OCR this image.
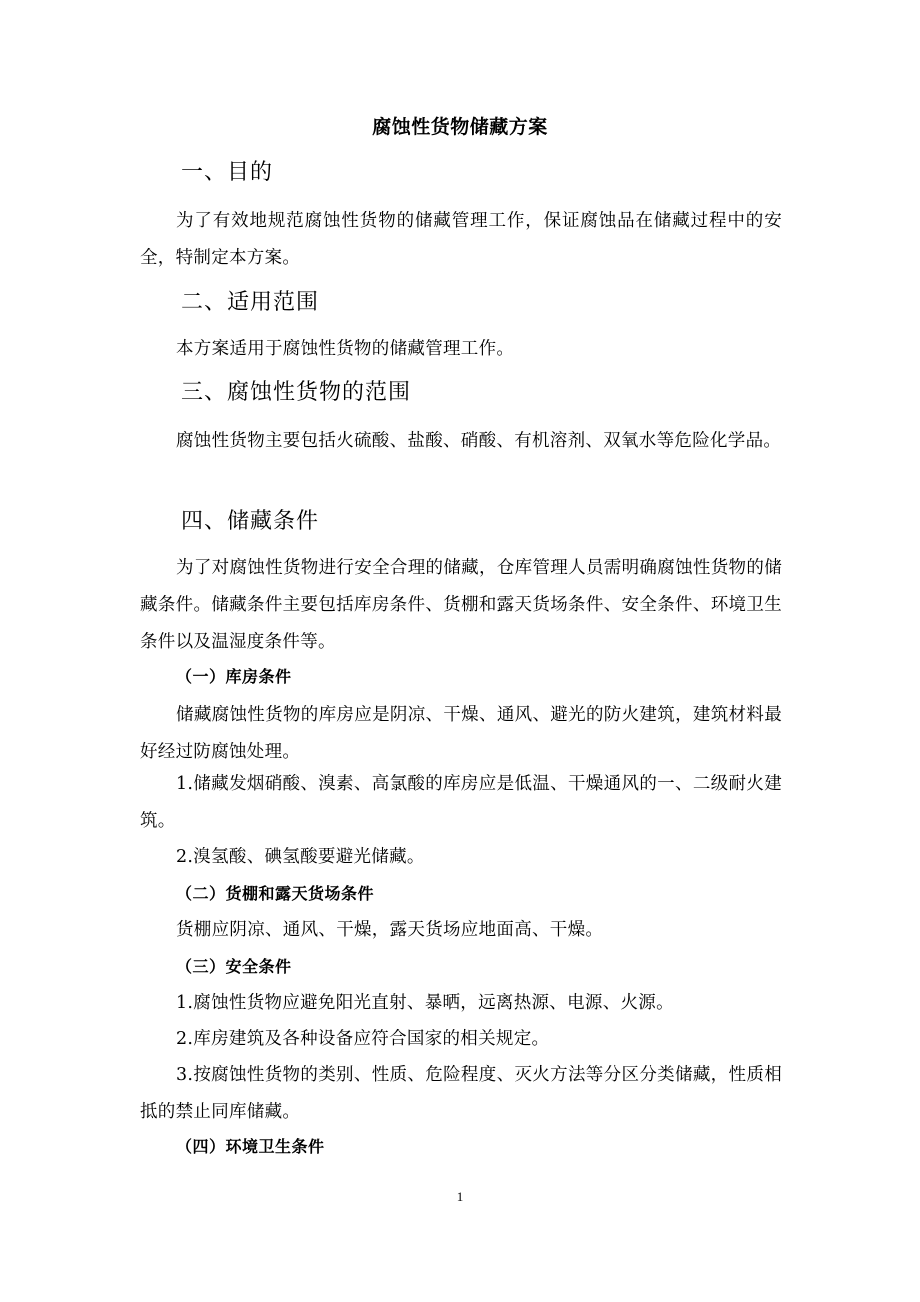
腐蚀性货物储藏方案
一、目的

为了有效地规范腐蚀性货物的储藏管理工作，保证腐蚀品在储藏过程中的安全，特制定本方案。

二、适用范围

本方案适用于腐蚀性货物的储藏管理工作。

三、腐蚀性货物的范围

腐蚀性货物主要包括火硫酸、盐酸、硝酸、有机溶剂、双氧水等危险化学品。

四、储藏条件

为了对腐蚀性货物进行安全合理的储藏，仓库管理人员需明确腐蚀性货物的储藏条件。储藏条件主要包括库房条件、货棚和露天货场条件、安全条件、环境卫生条件以及温湿度条件等。

（一）库房条件

储藏腐蚀性货物的库房应是阴凉、干燥、通风、避光的防火建筑，建筑材料最好经过防腐蚀处理。

1.储藏发烟硝酸、溴素、高氯酸的库房应是低温、干燥通风的一、二级耐火建筑。

2.溴氢酸、碘氢酸要避光储藏。

（二）货棚和露天货场条件

货棚应阴凉、通风、干燥，露天货场应地面高、干燥。

（三）安全条件

1.腐蚀性货物应避免阳光直射、暴晒，远离热源、电源、火源。

2.库房建筑及各种设备应符合国家的相关规定。

3.按腐蚀性货物的类别、性质、危险程度、灭火方法等分区分类储藏，性质相抵的禁止同库储藏。

（四）环境卫生条件
1
